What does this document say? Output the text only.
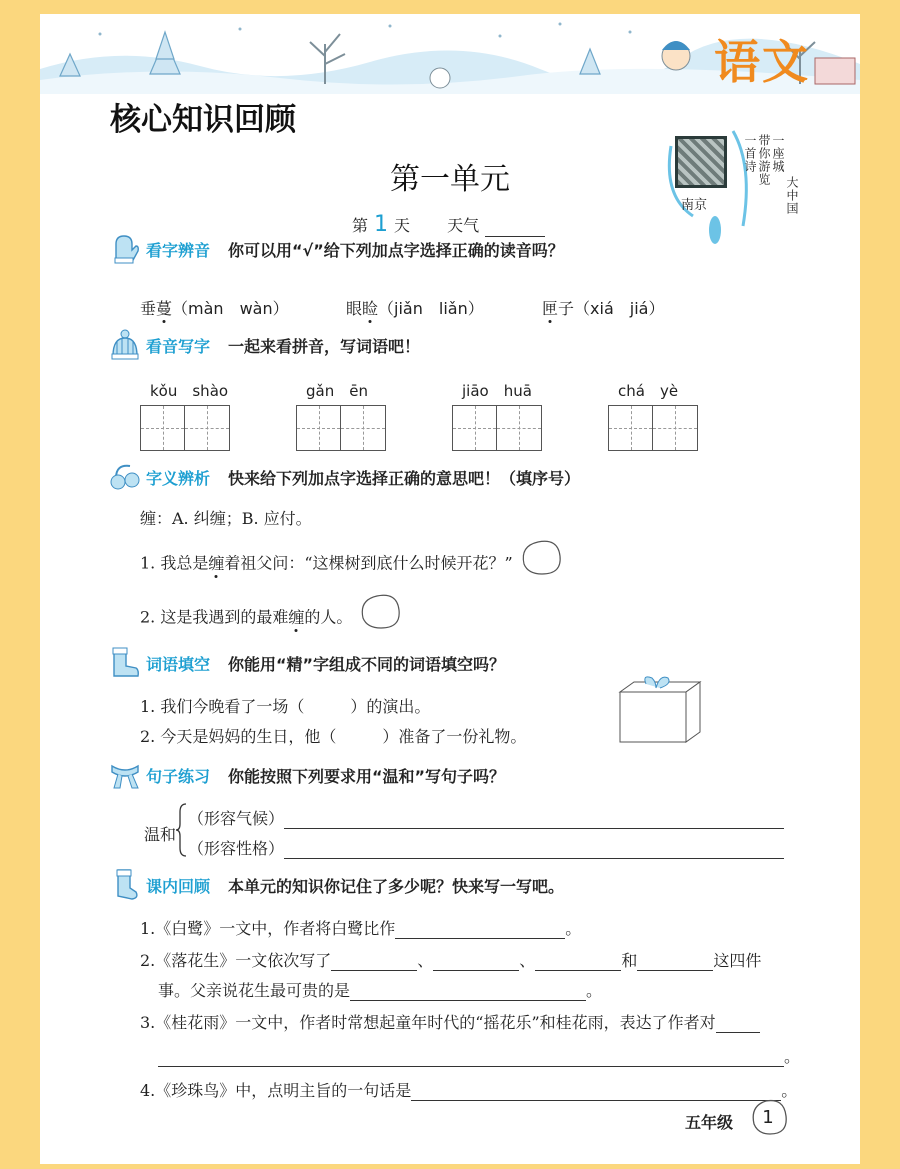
语文
核心知识回顾
第一单元
第 1 天 天气
南京
一首诗 带你游览 一座城
大中国
看字辨音 你可以用“√”给下列加点字选择正确的读音吗？
垂蔓（màn　wàn）	眼睑（jiǎn　liǎn）	匣子（xiá　jiá）
看音写字 一起来看拼音，写词语吧！
kǒu　shào	gǎn　ēn	jiāo　huā	chá　yè
字义辨析 快来给下列加点字选择正确的意思吧！（填序号）
缠：A. 纠缠；B. 应付。
1. 我总是缠着祖父问：“这棵树到底什么时候开花？”
2. 这是我遇到的最难缠的人。
词语填空 你能用“精”字组成不同的词语填空吗？
1. 我们今晚看了一场（	）的演出。
2. 今天是妈妈的生日，他（	）准备了一份礼物。
句子练习 你能按照下列要求用“温和”写句子吗？
温和
（形容气候）
（形容性格）
课内回顾 本单元的知识你记住了多少呢？快来写一写吧。
1.《白鹭》一文中，作者将白鹭比作	。
2.《落花生》一文依次写了	、	、	和	这四件
事。父亲说花生最可贵的是	。
3.《桂花雨》一文中，作者时常想起童年时代的“摇花乐”和桂花雨，表达了作者对
。
4.《珍珠鸟》中，点明主旨的一句话是	。
五年级 1
